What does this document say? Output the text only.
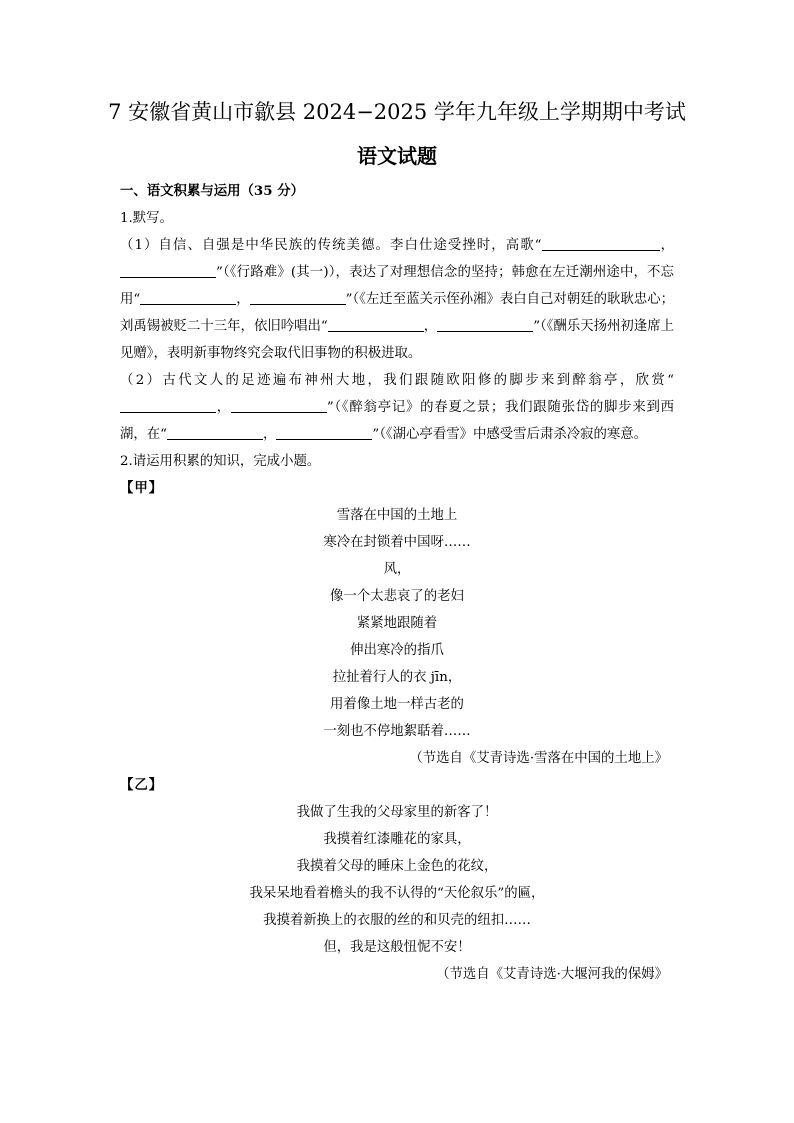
7 安徽省黄山市歙县 2024−2025 学年九年级上学期期中考试
语文试题
一、语文积累与运用（35 分）
1.默写。
（1）自信、自强是中华民族的传统美德。李白仕途受挫时，高歌“	，”（《行路难》(其一)），表达了对理想信念的坚持；韩愈在左迁潮州途中，不忘用“	，	”（《左迁至蓝关示侄孙湘》表白自己对朝廷的耿耿忠心；刘禹锡被贬二十三年，依旧吟唱出“	，	”（《酬乐天扬州初逢席上见赠》，表明新事物终究会取代旧事物的积极进取。
（2）古代文人的足迹遍布神州大地，我们跟随欧阳修的脚步来到醉翁亭，欣赏“，	”（《醉翁亭记》的春夏之景；我们跟随张岱的脚步来到西湖，在“	，	”（《湖心亭看雪》中感受雪后肃杀冷寂的寒意。
2.请运用积累的知识，完成小题。
【甲】
雪落在中国的土地上
寒冷在封锁着中国呀……
风，
像一个太悲哀了的老妇
紧紧地跟随着
伸出寒冷的指爪
拉扯着行人的衣 jīn，
用着像土地一样古老的
一刻也不停地絮聒着……
（节选自《艾青诗选·雪落在中国的土地上》
【乙】
我做了生我的父母家里的新客了！
我摸着红漆雕花的家具，
我摸着父母的睡床上金色的花纹，
我呆呆地看着檐头的我不认得的“天伦叙乐”的匾，
我摸着新换上的衣服的丝的和贝壳的纽扣……
但，我是这般忸怩不安！
（节选自《艾青诗选·大堰河我的保姆》
